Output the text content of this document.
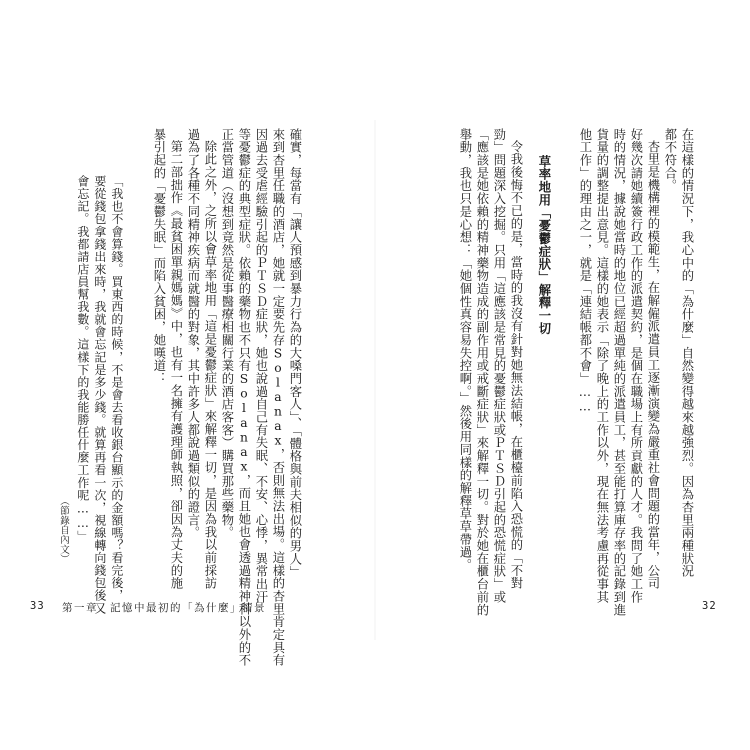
在這樣的情況下，我心中的「為什麼」自然變得越來越強烈。因為杏里兩種狀況
都不符合。
杏里是機構裡的模範生，在解僱派遣員工逐漸演變為嚴重社會問題的當年，公司
好幾次請她續簽行政工作的派遣契約，是個在職場上有所貢獻的人才。我問了她工作
時的情況，據說她當時的地位已經超過單純的派遣員工，甚至能打算庫存率的記錄到進
貨量的調整提出意見。這樣的她表示「除了晚上的工作以外，現在無法考慮再從事其
他工作」的理由之一，就是「連結帳都不會」……
草率地用「憂鬱症狀」解釋一切
令我後悔不已的是，當時的我沒有針對她無法結帳，在櫃檯前陷入恐慌的「不對
勁」問題深入挖掘。只用「這應該是常見的憂鬱症狀或ＰＴＳＤ引起的恐慌症狀」或
「應該是她依賴的精神藥物造成的副作用或戒斷症狀」來解釋一切。對於她在櫃台前的
舉動，我也只是心想：「她個性真容易失控啊。」然後用同樣的解釋草草帶過。
32
確實，每當有「讓人預感到暴力行為的大嗓門客人」、「體格與前夫相似的男人」
來到杏里任職的酒店，她就一定要先存Solanax，否則無法出場。這樣的杏里肯定具有
因過去受虐經驗引起的ＰＴＳＤ症狀，她也說過自己有失眠、不安、心悸，異常出汗
等憂鬱症的典型症狀。依賴的藥物也不只有Solanax，而且她也會透過精神科以外的不
正當管道（沒想到竟然是從事醫療相關行業的酒店客客）購買那些藥物。
除此之外，之所以會草率地用「這是憂鬱症狀」來解釋一切，是因為我以前採訪
過為了各種不同精神疾病而就醫的對象，其中許多人都說過類似的證言。
第二部拙作《最貧困單親媽媽》中，也有一名擁有護理師執照，卻因為丈夫的施
暴引起的「憂鬱失眠」而陷入貧困，她嘆道：
「我也不會算錢。買東西的時候，不是會去看收銀台顯示的金額嗎？看完後，
要從錢包拿錢出來時，我就會忘記是多少錢。就算再看一次，視線轉向錢包後又
會忘記。我都請店員幫我數。這樣下的我能勝任什麼工作呢……」
（節錄自內文）
33 第一章　記憶中最初的「為什麼」情景
